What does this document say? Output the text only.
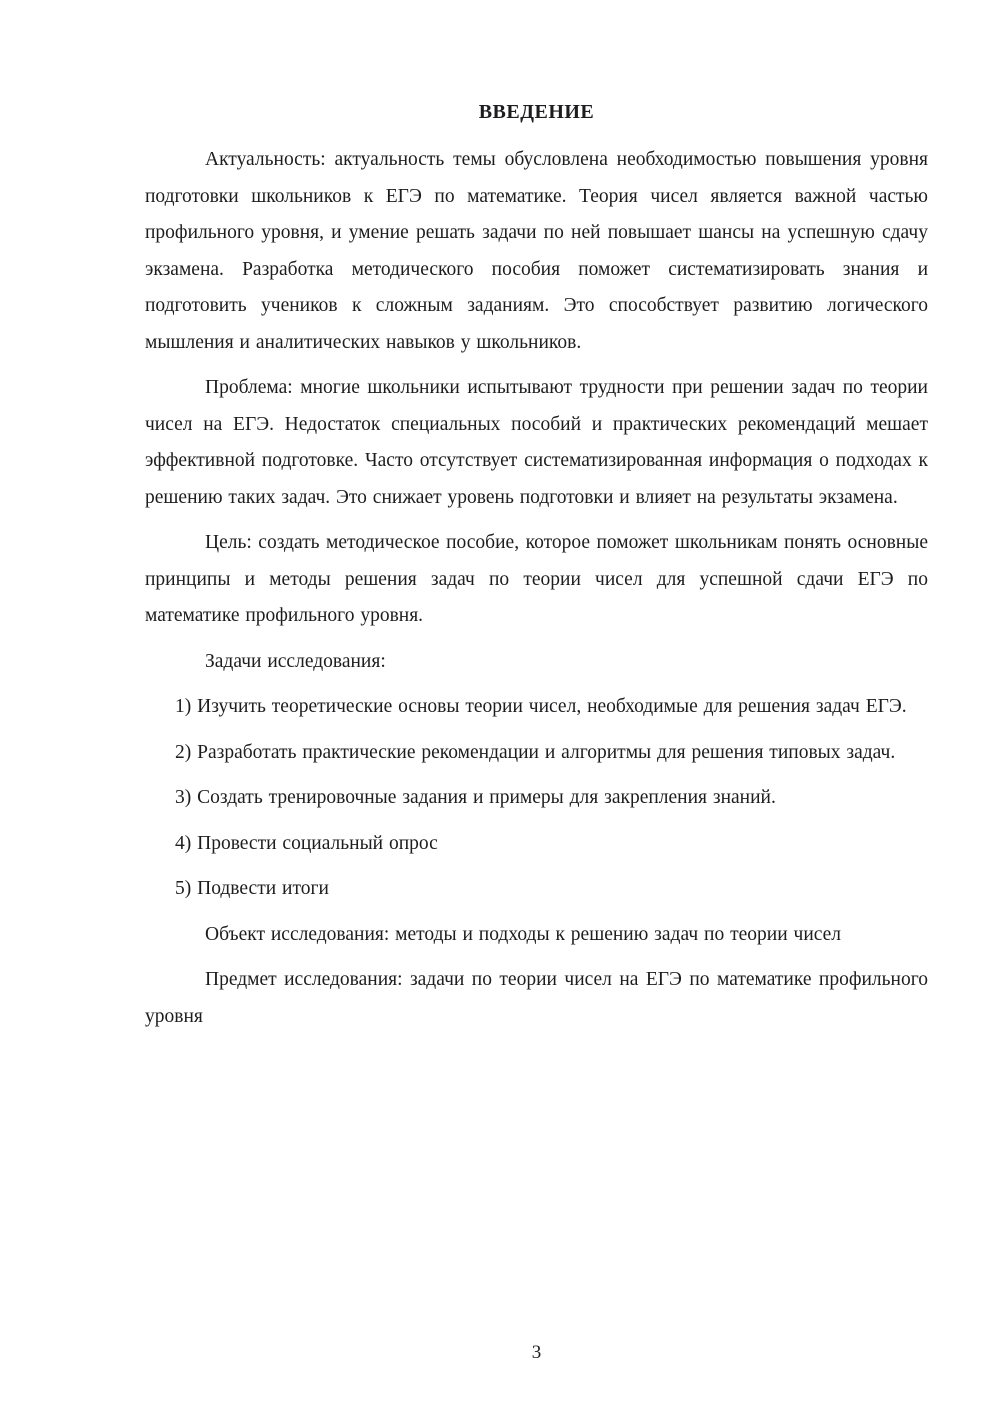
ВВЕДЕНИЕ

Актуальность: актуальность темы обусловлена необходимостью повышения уровня подготовки школьников к ЕГЭ по математике. Теория чисел является важной частью профильного уровня, и умение решать задачи по ней повышает шансы на успешную сдачу экзамена. Разработка методического пособия поможет систематизировать знания и подготовить учеников к сложным заданиям. Это способствует развитию логического мышления и аналитических навыков у школьников.

Проблема: многие школьники испытывают трудности при решении задач по теории чисел на ЕГЭ. Недостаток специальных пособий и практических рекомендаций мешает эффективной подготовке. Часто отсутствует систематизированная информация о подходах к решению таких задач. Это снижает уровень подготовки и влияет на результаты экзамена.

Цель: создать методическое пособие, которое поможет школьникам понять основные принципы и методы решения задач по теории чисел для успешной сдачи ЕГЭ по математике профильного уровня.

Задачи исследования:

1) Изучить теоретические основы теории чисел, необходимые для решения задач ЕГЭ.

2) Разработать практические рекомендации и алгоритмы для решения типовых задач.

3) Создать тренировочные задания и примеры для закрепления знаний.

4) Провести социальный опрос

5) Подвести итоги

Объект исследования: методы и подходы к решению задач по теории чисел

Предмет исследования: задачи по теории чисел на ЕГЭ по математике профильного уровня

3
